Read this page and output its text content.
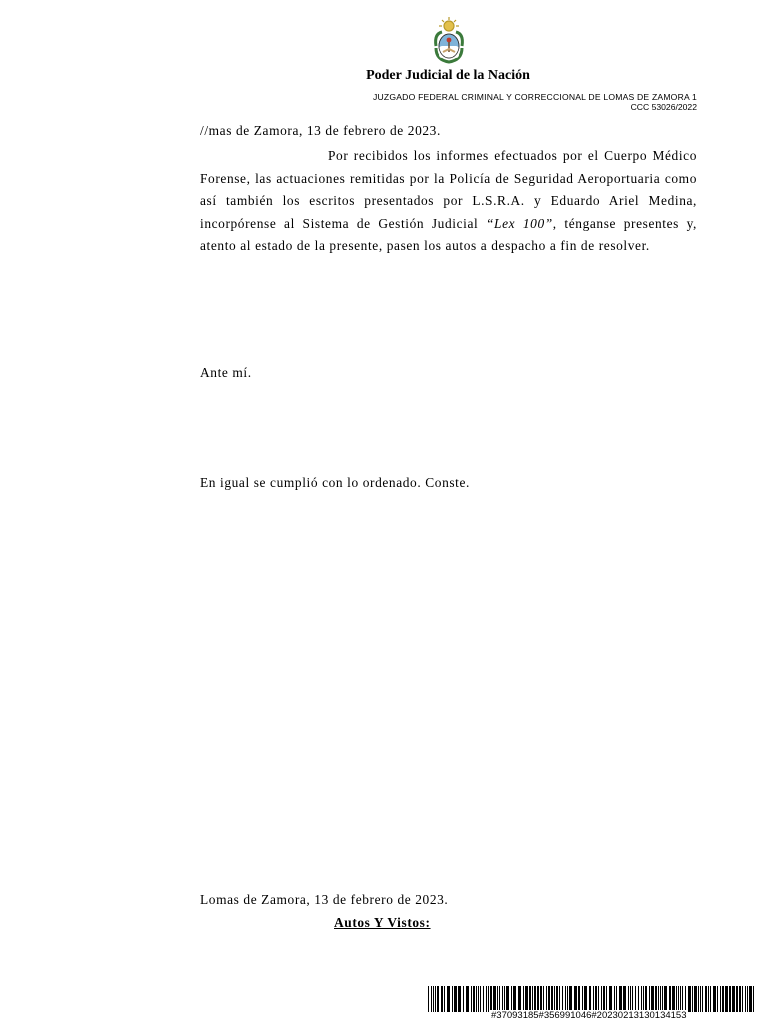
Poder Judicial de la Nación
JUZGADO FEDERAL CRIMINAL Y CORRECCIONAL DE LOMAS DE ZAMORA 1
CCC 53026/2022
//mas de Zamora, 13 de febrero de 2023.
Por recibidos los informes efectuados por el Cuerpo Médico Forense, las actuaciones remitidas por la Policía de Seguridad Aeroportuaria como así también los escritos presentados por L.S.R.A. y Eduardo Ariel Medina, incorpórense al Sistema de Gestión Judicial “Lex 100”, ténganse presentes y, atento al estado de la presente, pasen los autos a despacho a fin de resolver.
Ante mí.
En igual se cumplió con lo ordenado. Conste.
Lomas de Zamora, 13 de febrero de 2023.
Autos Y Vistos:
#37093185#356991046#20230213130134153
